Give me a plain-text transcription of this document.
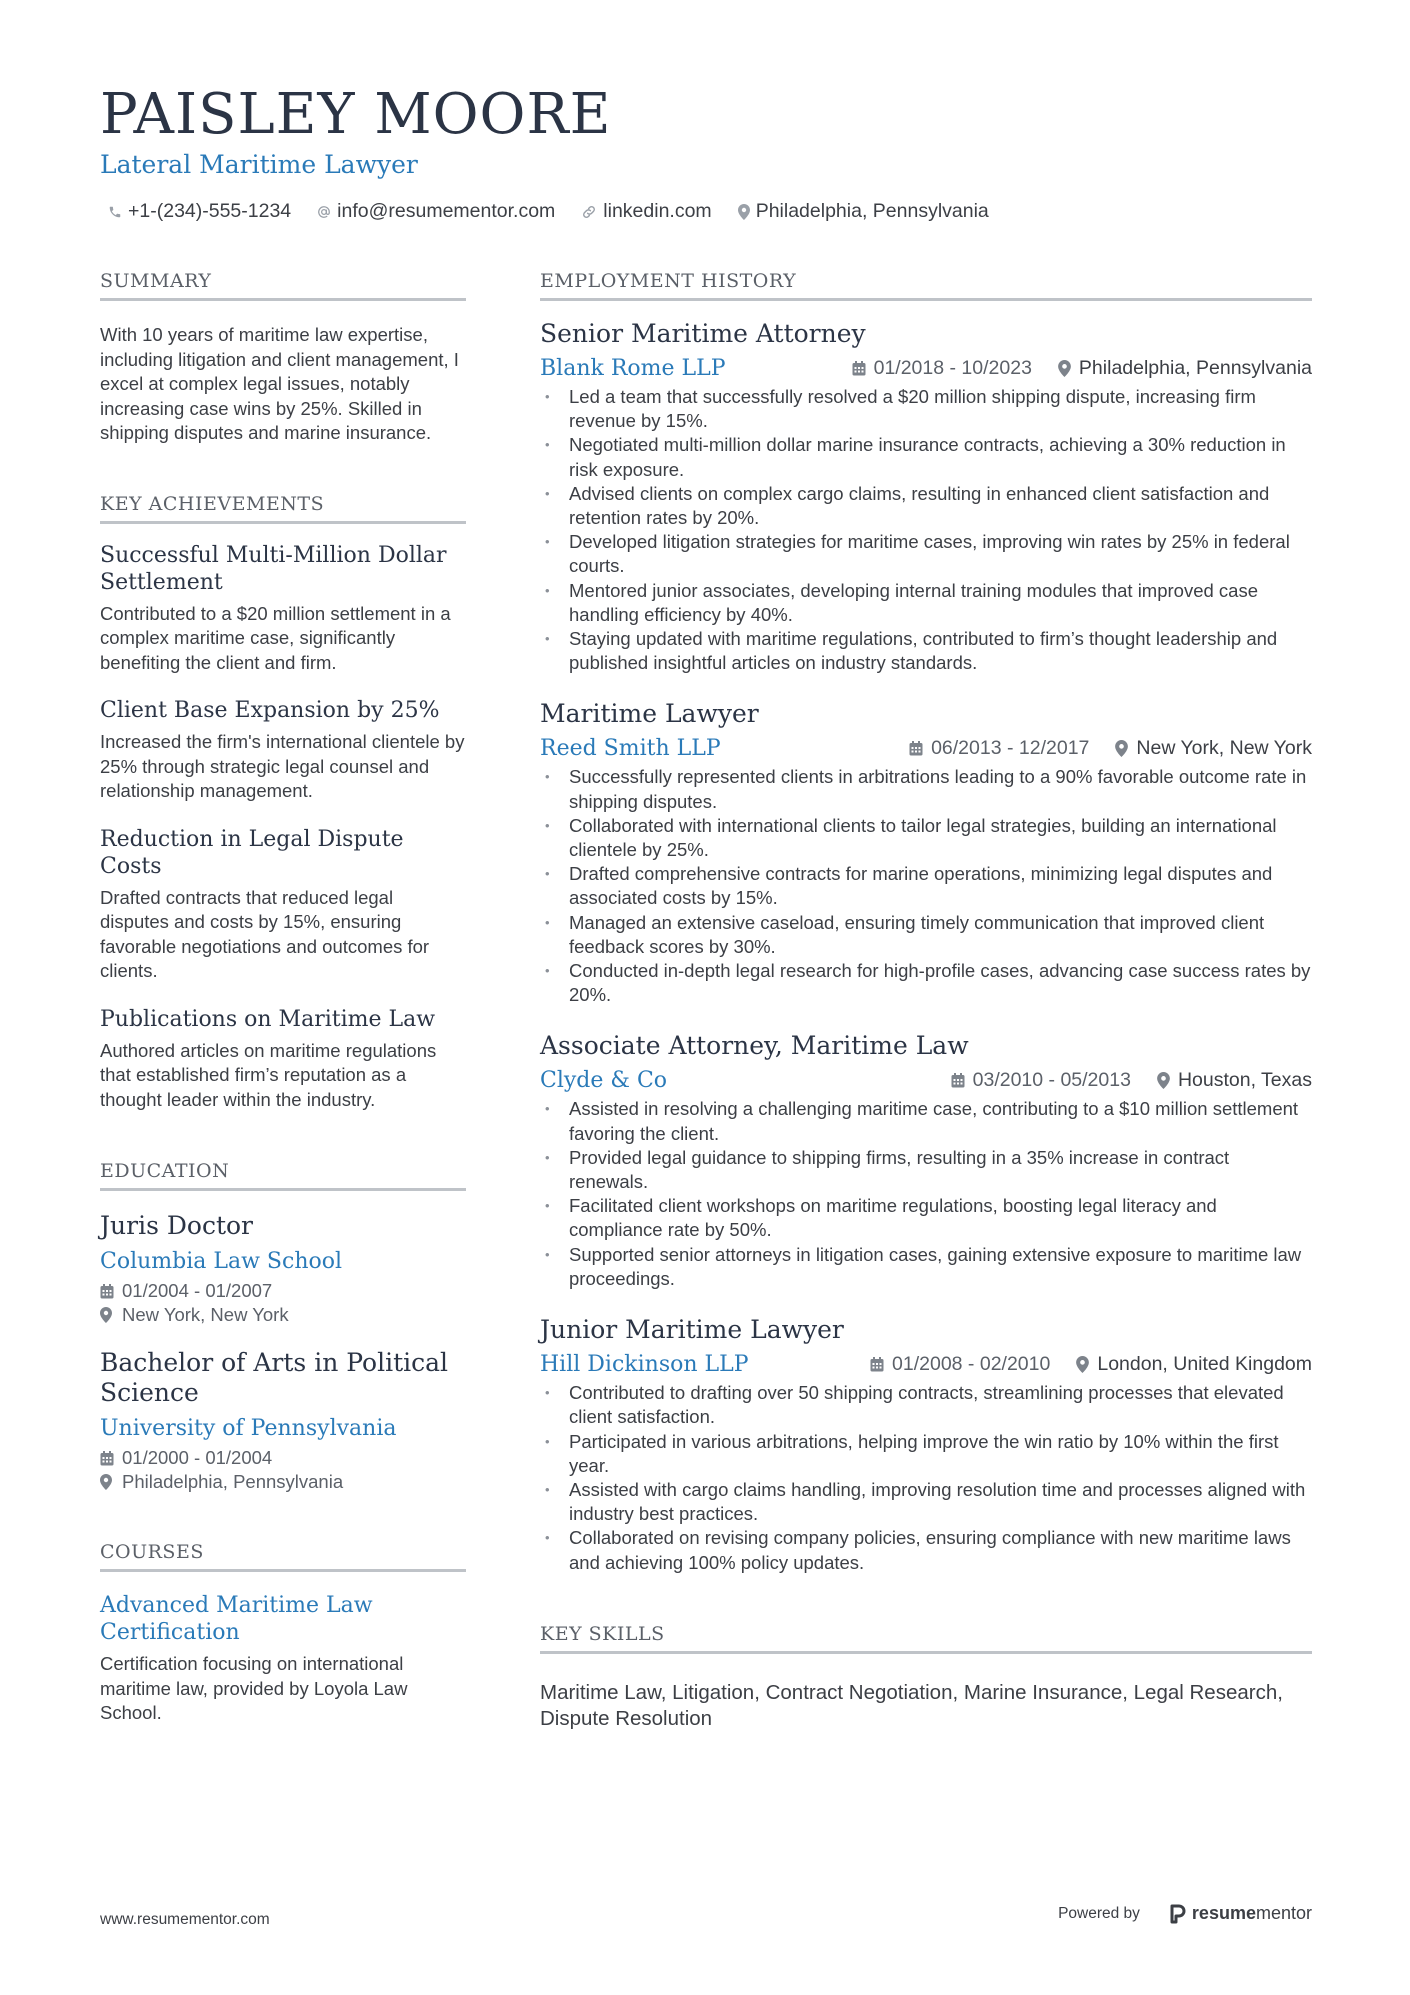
PAISLEY MOORE
Lateral Maritime Lawyer
+1-(234)-555-1234 info@resumementor.com linkedin.com Philadelphia, Pennsylvania
SUMMARY

With 10 years of maritime law expertise, including litigation and client management, I excel at complex legal issues, notably increasing case wins by 25%. Skilled in shipping disputes and marine insurance.

KEY ACHIEVEMENTS
Successful Multi-Million Dollar Settlement

Contributed to a $20 million settlement in a complex maritime case, significantly benefiting the client and firm.

Client Base Expansion by 25%

Increased the firm's international clientele by 25% through strategic legal counsel and relationship management.

Reduction in Legal Dispute Costs

Drafted contracts that reduced legal disputes and costs by 15%, ensuring favorable negotiations and outcomes for clients.

Publications on Maritime Law

Authored articles on maritime regulations that established firm’s reputation as a thought leader within the industry.

EDUCATION
Juris Doctor
Columbia Law School
01/2004 - 01/2007
New York, New York
Bachelor of Arts in Political Science
University of Pennsylvania
01/2000 - 01/2004
Philadelphia, Pennsylvania
COURSES
Advanced Maritime Law Certification

Certification focusing on international maritime law, provided by Loyola Law School.

EMPLOYMENT HISTORY
Senior Maritime Attorney
Blank Rome LLP	01/2018 - 10/2023 Philadelphia, Pennsylvania
• Led a team that successfully resolved a $20 million shipping dispute, increasing firm revenue by 15%.
• Negotiated multi-million dollar marine insurance contracts, achieving a 30% reduction in risk exposure.
• Advised clients on complex cargo claims, resulting in enhanced client satisfaction and retention rates by 20%.
• Developed litigation strategies for maritime cases, improving win rates by 25% in federal courts.
• Mentored junior associates, developing internal training modules that improved case handling efficiency by 40%.
• Staying updated with maritime regulations, contributed to firm’s thought leadership and published insightful articles on industry standards.
Maritime Lawyer
Reed Smith LLP	06/2013 - 12/2017 New York, New York
• Successfully represented clients in arbitrations leading to a 90% favorable outcome rate in shipping disputes.
• Collaborated with international clients to tailor legal strategies, building an international clientele by 25%.
• Drafted comprehensive contracts for marine operations, minimizing legal disputes and associated costs by 15%.
• Managed an extensive caseload, ensuring timely communication that improved client feedback scores by 30%.
• Conducted in-depth legal research for high-profile cases, advancing case success rates by 20%.
Associate Attorney, Maritime Law
Clyde & Co	03/2010 - 05/2013 Houston, Texas
• Assisted in resolving a challenging maritime case, contributing to a $10 million settlement favoring the client.
• Provided legal guidance to shipping firms, resulting in a 35% increase in contract renewals.
• Facilitated client workshops on maritime regulations, boosting legal literacy and compliance rate by 50%.
• Supported senior attorneys in litigation cases, gaining extensive exposure to maritime law proceedings.
Junior Maritime Lawyer
Hill Dickinson LLP	01/2008 - 02/2010 London, United Kingdom
• Contributed to drafting over 50 shipping contracts, streamlining processes that elevated client satisfaction.
• Participated in various arbitrations, helping improve the win ratio by 10% within the first year.
• Assisted with cargo claims handling, improving resolution time and processes aligned with industry best practices.
• Collaborated on revising company policies, ensuring compliance with new maritime laws and achieving 100% policy updates.
KEY SKILLS

Maritime Law, Litigation, Contract Negotiation, Marine Insurance, Legal Research, Dispute Resolution

www.resumementor.com	Powered by	resume mentor
